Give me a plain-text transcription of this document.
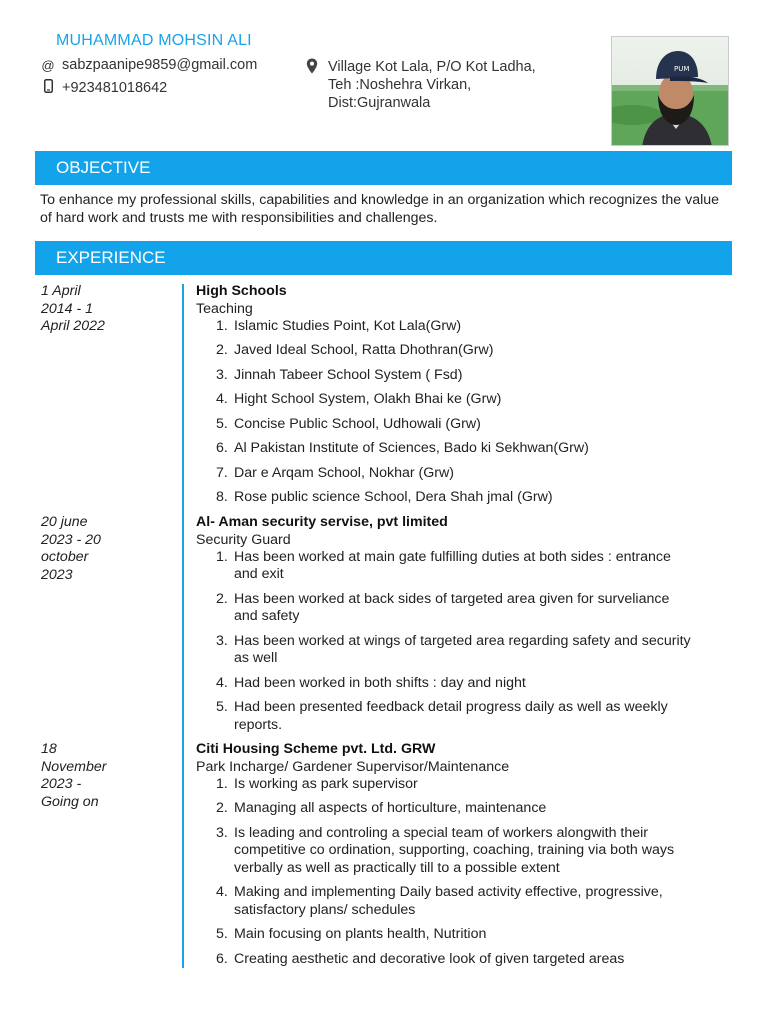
MUHAMMAD MOHSIN ALI
@ sabzpaanipe9859@gmail.com
+923481018642
Village Kot Lala, P/O Kot Ladha,
Teh :Noshehra Virkan,
Dist:Gujranwala
PUM
OBJECTIVE
To enhance my professional skills, capabilities and knowledge in an organization which recognizes the value of hard work and trusts me with responsibilities and challenges.
EXPERIENCE
1 April
2014 - 1
April 2022
High Schools
Teaching
1. Islamic Studies Point, Kot Lala(Grw)
2. Javed Ideal School, Ratta Dhothran(Grw)
3. Jinnah Tabeer School System ( Fsd)
4. Hight School System, Olakh Bhai ke (Grw)
5. Concise Public School, Udhowali (Grw)
6. Al Pakistan Institute of Sciences, Bado ki Sekhwan(Grw)
7. Dar e Arqam School, Nokhar (Grw)
8. Rose public science School, Dera Shah jmal (Grw)
20 june
2023 - 20
october
2023
Al- Aman security servise, pvt limited
Security Guard
1. Has been worked at main gate fulfilling duties at both sides : entrance
and exit
2. Has been worked at back sides of targeted area given for surveliance
and safety
3. Has been worked at wings of targeted area regarding safety and security
as well
4. Had been worked in both shifts : day and night
5. Had been presented feedback detail progress daily as well as weekly
reports.
18
November
2023 -
Going on
Citi Housing Scheme pvt. Ltd. GRW
Park Incharge/ Gardener Supervisor/Maintenance
1. Is working as park supervisor
2. Managing all aspects of horticulture, maintenance
3. Is leading and controling a special team of workers alongwith their
competitive co ordination, supporting, coaching, training via both ways
verbally as well as practically till to a possible extent
4. Making and implementing Daily based activity effective, progressive,
satisfactory plans/ schedules
5. Main focusing on plants health, Nutrition
6. Creating aesthetic and decorative look of given targeted areas
